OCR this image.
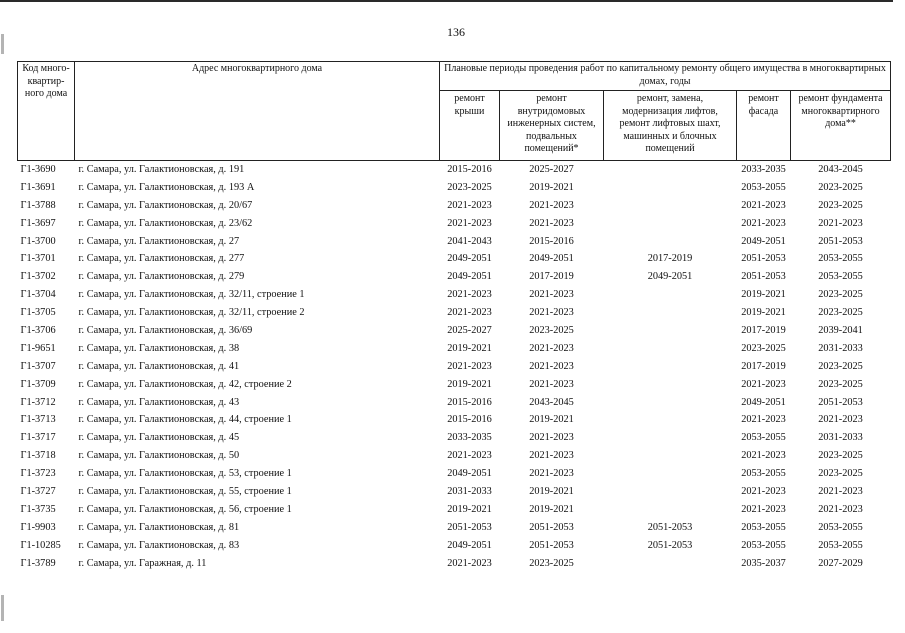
136
Код много-квартир-ного дома	Адрес многоквартирного дома	Плановые периоды проведения работ по капитальному ремонту общего имущества в многоквартирных домах, годы				
		ремонт крыши	ремонт внутридомовых инженерных систем, подвальных помещений*	ремонт, замена, модернизация лифтов, ремонт лифтовых шахт, машинных и блочных помещений	ремонт фасада	ремонт фундамента многоквартирного дома**
Г1-3690	г. Самара, ул. Галактионовская, д. 191	2015-2016	2025-2027		2033-2035	2043-2045
Г1-3691	г. Самара, ул. Галактионовская, д. 193 А	2023-2025	2019-2021		2053-2055	2023-2025
Г1-3788	г. Самара, ул. Галактионовская, д. 20/67	2021-2023	2021-2023		2021-2023	2023-2025
Г1-3697	г. Самара, ул. Галактионовская, д. 23/62	2021-2023	2021-2023		2021-2023	2021-2023
Г1-3700	г. Самара, ул. Галактионовская, д. 27	2041-2043	2015-2016		2049-2051	2051-2053
Г1-3701	г. Самара, ул. Галактионовская, д. 277	2049-2051	2049-2051	2017-2019	2051-2053	2053-2055
Г1-3702	г. Самара, ул. Галактионовская, д. 279	2049-2051	2017-2019	2049-2051	2051-2053	2053-2055
Г1-3704	г. Самара, ул. Галактионовская, д. 32/11, строение 1	2021-2023	2021-2023		2019-2021	2023-2025
Г1-3705	г. Самара, ул. Галактионовская, д. 32/11, строение 2	2021-2023	2021-2023		2019-2021	2023-2025
Г1-3706	г. Самара, ул. Галактионовская, д. 36/69	2025-2027	2023-2025		2017-2019	2039-2041
Г1-9651	г. Самара, ул. Галактионовская, д. 38	2019-2021	2021-2023		2023-2025	2031-2033
Г1-3707	г. Самара, ул. Галактионовская, д. 41	2021-2023	2021-2023		2017-2019	2023-2025
Г1-3709	г. Самара, ул. Галактионовская, д. 42, строение 2	2019-2021	2021-2023		2021-2023	2023-2025
Г1-3712	г. Самара, ул. Галактионовская, д. 43	2015-2016	2043-2045		2049-2051	2051-2053
Г1-3713	г. Самара, ул. Галактионовская, д. 44, строение 1	2015-2016	2019-2021		2021-2023	2021-2023
Г1-3717	г. Самара, ул. Галактионовская, д. 45	2033-2035	2021-2023		2053-2055	2031-2033
Г1-3718	г. Самара, ул. Галактионовская, д. 50	2021-2023	2021-2023		2021-2023	2023-2025
Г1-3723	г. Самара, ул. Галактионовская, д. 53, строение 1	2049-2051	2021-2023		2053-2055	2023-2025
Г1-3727	г. Самара, ул. Галактионовская, д. 55, строение 1	2031-2033	2019-2021		2021-2023	2021-2023
Г1-3735	г. Самара, ул. Галактионовская, д. 56, строение 1	2019-2021	2019-2021		2021-2023	2021-2023
Г1-9903	г. Самара, ул. Галактионовская, д. 81	2051-2053	2051-2053	2051-2053	2053-2055	2053-2055
Г1-10285	г. Самара, ул. Галактионовская, д. 83	2049-2051	2051-2053	2051-2053	2053-2055	2053-2055
Г1-3789	г. Самара, ул. Гаражная, д. 11	2021-2023	2023-2025		2035-2037	2027-2029
